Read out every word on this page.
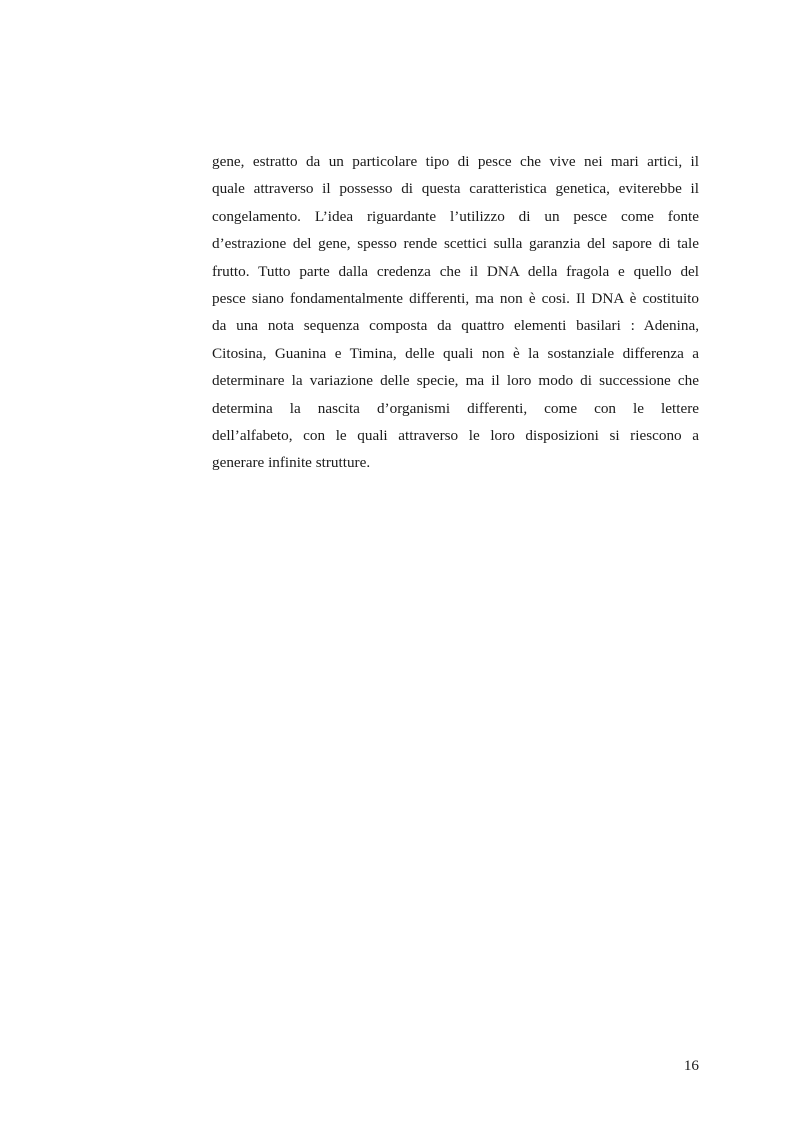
gene, estratto da un particolare tipo di pesce che vive nei mari artici, il
quale attraverso il possesso di questa caratteristica genetica, eviterebbe il
congelamento. L’idea riguardante l’utilizzo di un pesce come fonte
d’estrazione del gene, spesso rende scettici sulla garanzia del sapore di tale
frutto. Tutto parte dalla credenza che il DNA della fragola e quello del
pesce siano fondamentalmente differenti, ma non è cosi. Il DNA è costituito
da una nota sequenza composta da quattro elementi basilari : Adenina,
Citosina, Guanina e Timina, delle quali non è la sostanziale differenza a
determinare la variazione delle specie, ma il loro modo di successione che
determina la nascita d’organismi differenti, come con le lettere
dell’alfabeto, con le quali attraverso le loro disposizioni si riescono a
generare infinite strutture.
16
